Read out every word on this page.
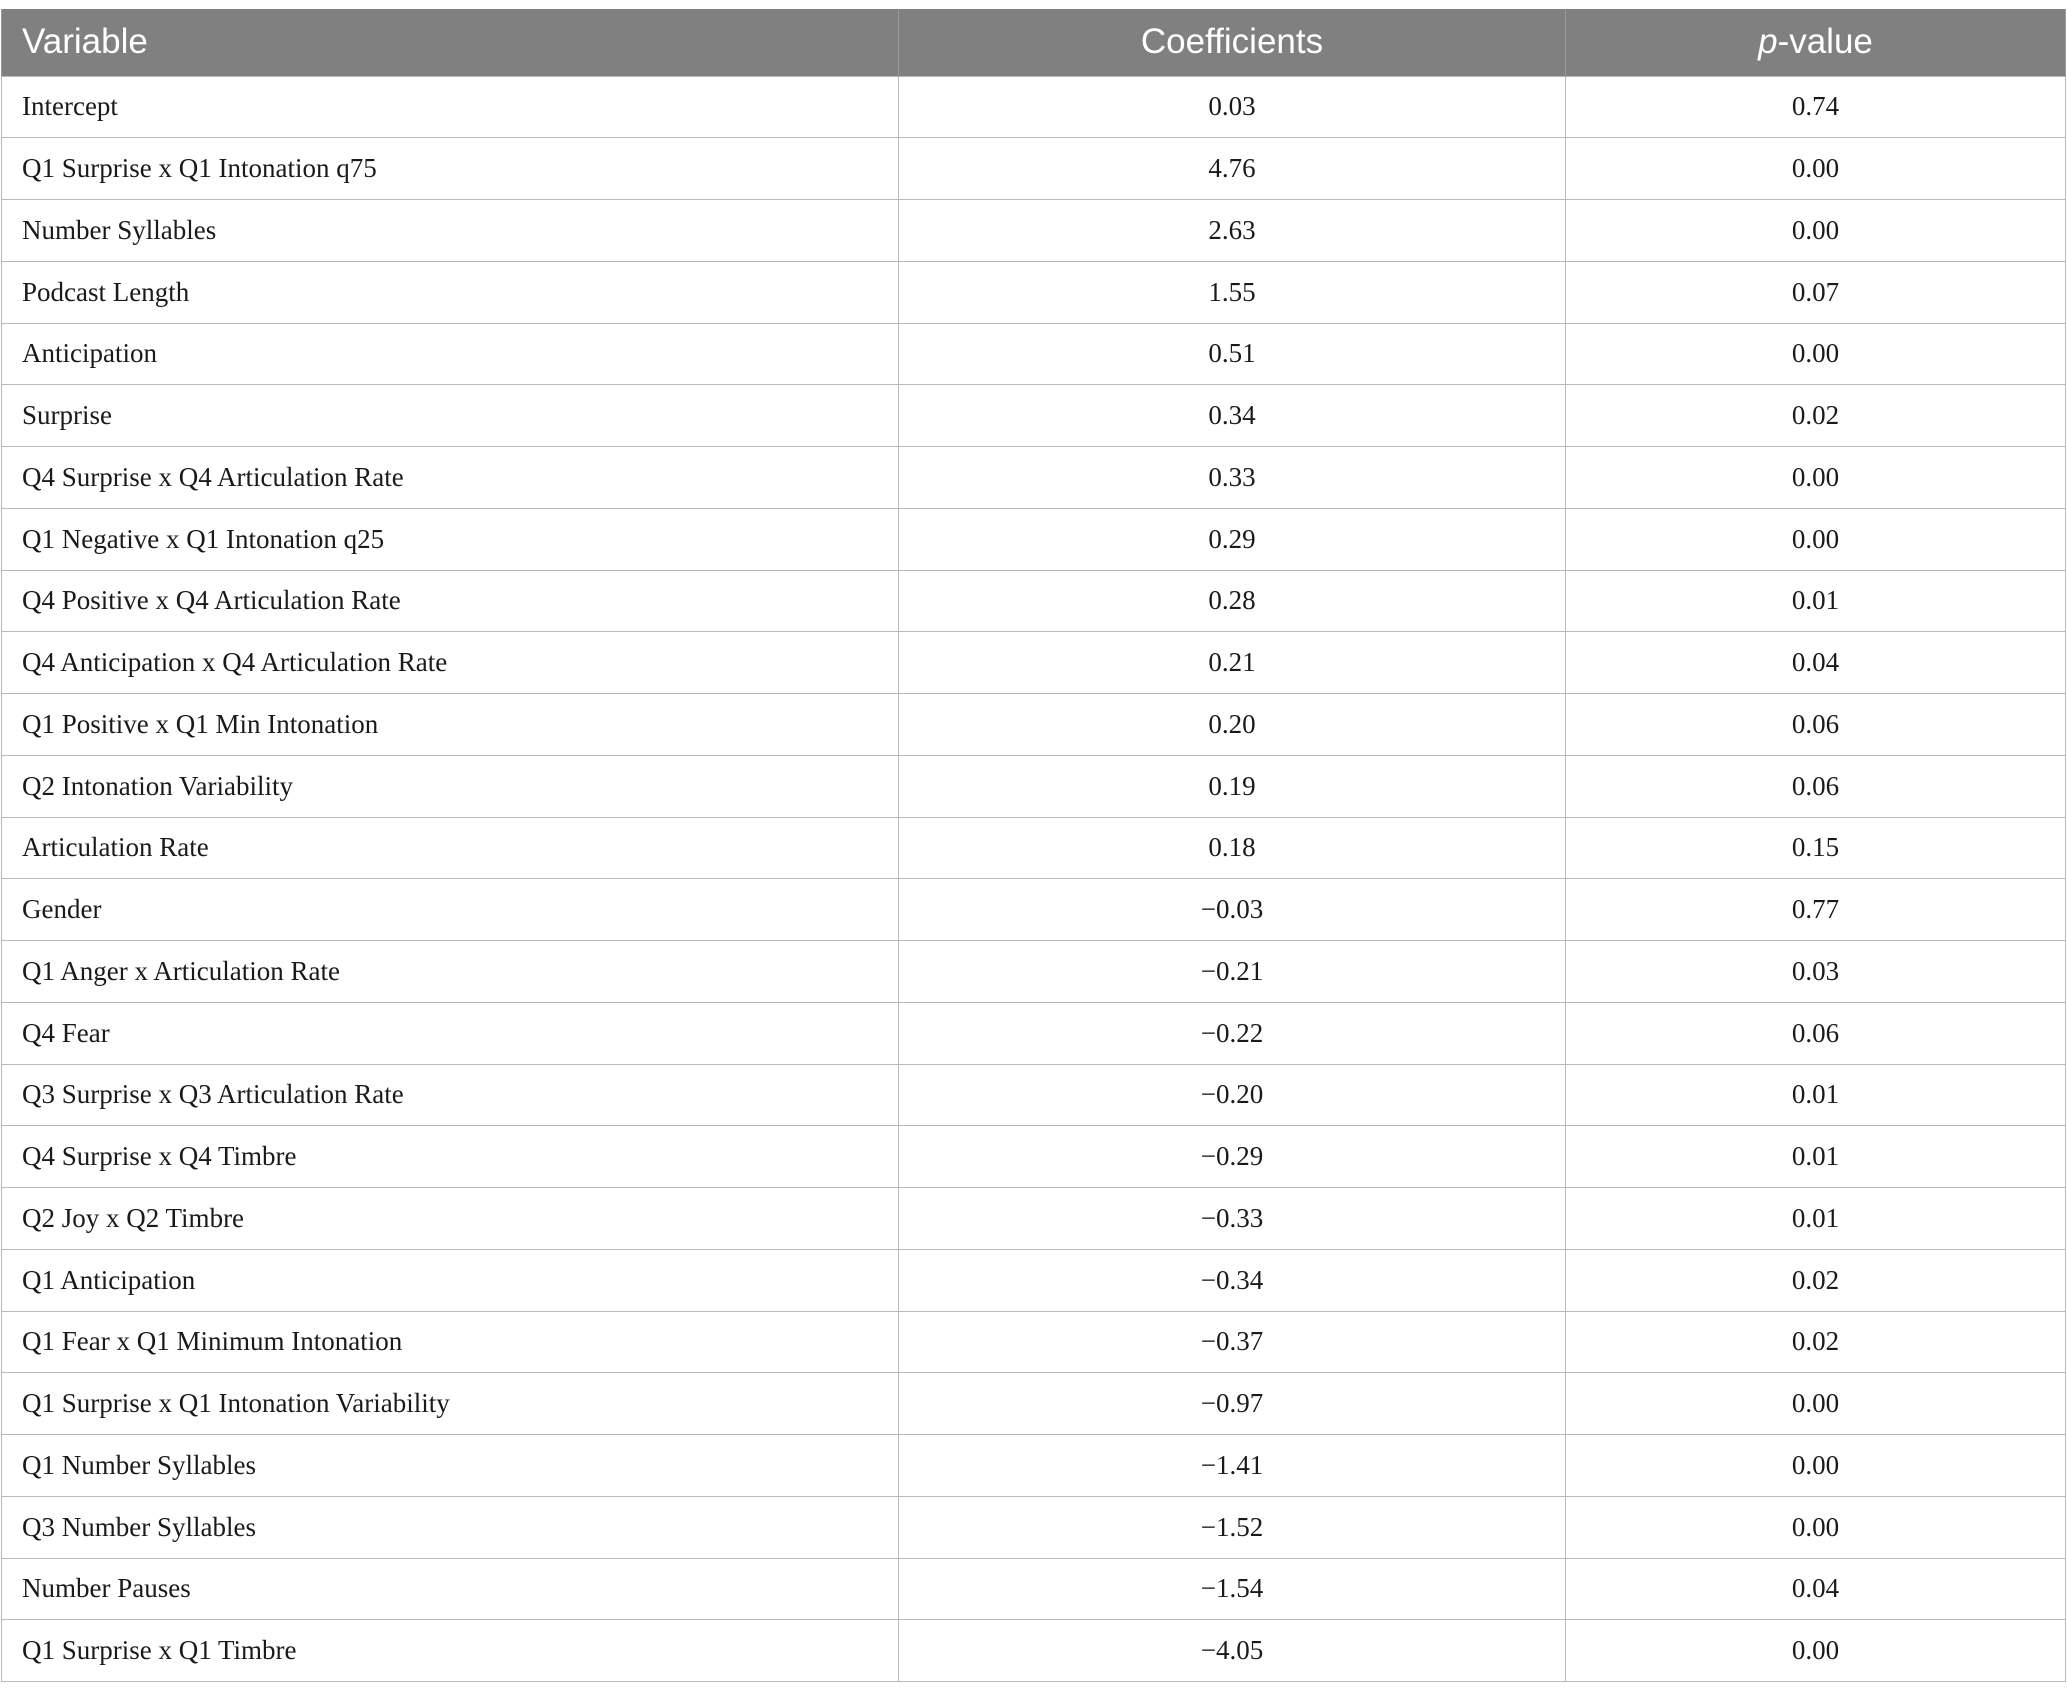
Variable	Coefficients	p-value
Intercept	0.03	0.74
Q1 Surprise x Q1 Intonation q75	4.76	0.00
Number Syllables	2.63	0.00
Podcast Length	1.55	0.07
Anticipation	0.51	0.00
Surprise	0.34	0.02
Q4 Surprise x Q4 Articulation Rate	0.33	0.00
Q1 Negative x Q1 Intonation q25	0.29	0.00
Q4 Positive x Q4 Articulation Rate	0.28	0.01
Q4 Anticipation x Q4 Articulation Rate	0.21	0.04
Q1 Positive x Q1 Min Intonation	0.20	0.06
Q2 Intonation Variability	0.19	0.06
Articulation Rate	0.18	0.15
Gender	−0.03	0.77
Q1 Anger x Articulation Rate	−0.21	0.03
Q4 Fear	−0.22	0.06
Q3 Surprise x Q3 Articulation Rate	−0.20	0.01
Q4 Surprise x Q4 Timbre	−0.29	0.01
Q2 Joy x Q2 Timbre	−0.33	0.01
Q1 Anticipation	−0.34	0.02
Q1 Fear x Q1 Minimum Intonation	−0.37	0.02
Q1 Surprise x Q1 Intonation Variability	−0.97	0.00
Q1 Number Syllables	−1.41	0.00
Q3 Number Syllables	−1.52	0.00
Number Pauses	−1.54	0.04
Q1 Surprise x Q1 Timbre	−4.05	0.00
